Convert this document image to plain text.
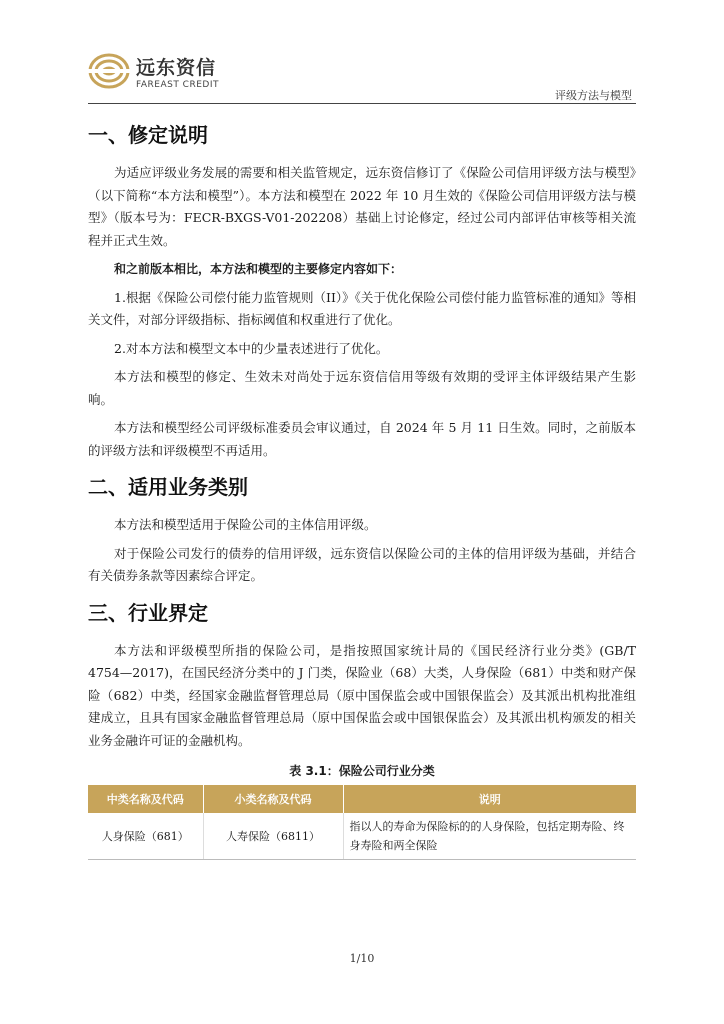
远东资信
FAREAST CREDIT
评级方法与模型
一、修定说明

为适应评级业务发展的需要和相关监管规定，远东资信修订了《保险公司信用评级方法与模型》（以下简称“本方法和模型”）。本方法和模型在 2022 年 10 月生效的《保险公司信用评级方法与模型》（版本号为：FECR-BXGS-V01-202208）基础上讨论修定，经过公司内部评估审核等相关流程并正式生效。

和之前版本相比，本方法和模型的主要修定内容如下：

1.根据《保险公司偿付能力监管规则（II）》《关于优化保险公司偿付能力监管标准的通知》等相关文件，对部分评级指标、指标阈值和权重进行了优化。

2.对本方法和模型文本中的少量表述进行了优化。

本方法和模型的修定、生效未对尚处于远东资信信用等级有效期的受评主体评级结果产生影响。

本方法和模型经公司评级标准委员会审议通过，自 2024 年 5 月 11 日生效。同时，之前版本的评级方法和评级模型不再适用。

二、适用业务类别

本方法和模型适用于保险公司的主体信用评级。

对于保险公司发行的债券的信用评级，远东资信以保险公司的主体的信用评级为基础，并结合有关债券条款等因素综合评定。

三、行业界定

本方法和评级模型所指的保险公司，是指按照国家统计局的《国民经济行业分类》(GB/T 4754—2017)，在国民经济分类中的 J 门类，保险业（68）大类，人身保险（681）中类和财产保险（682）中类，经国家金融监督管理总局（原中国保监会或中国银保监会）及其派出机构批准组建成立，且具有国家金融监督管理总局（原中国保监会或中国银保监会）及其派出机构颁发的相关业务金融许可证的金融机构。

表 3.1：保险公司行业分类
中类名称及代码	小类名称及代码	说明
人身保险（681）	人寿保险（6811）	指以人的寿命为保险标的的人身保险，包括定期寿险、终身寿险和两全保险
1/10
